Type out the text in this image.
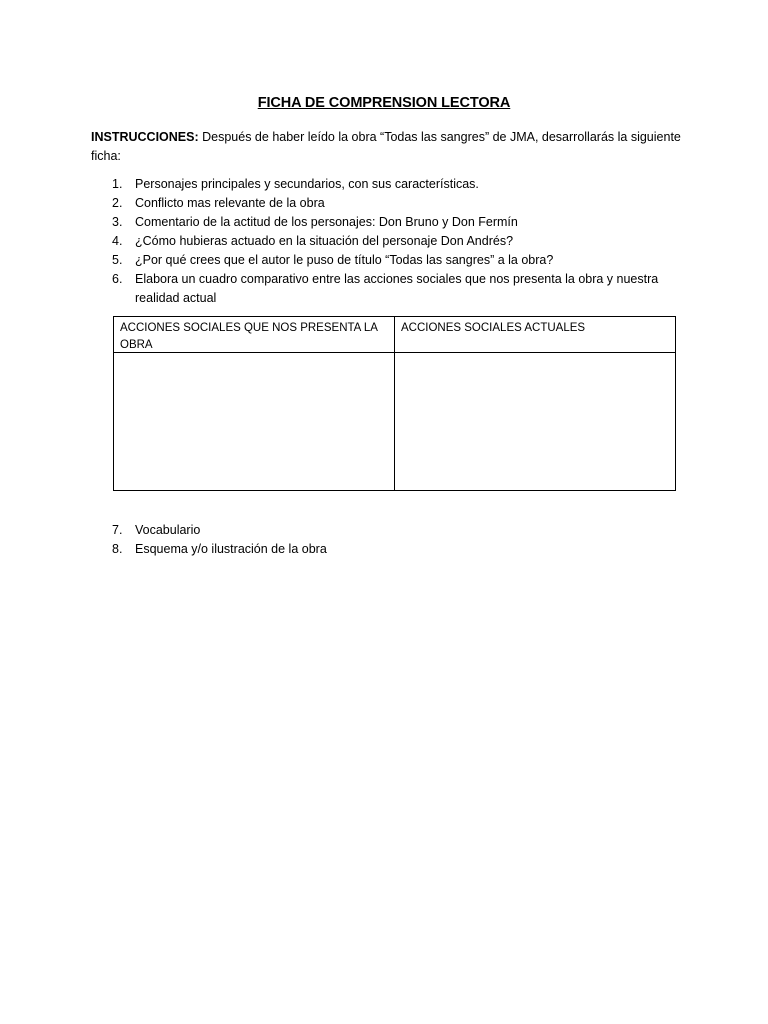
FICHA DE COMPRENSION LECTORA
INSTRUCCIONES: Después de haber leído la obra “Todas las sangres” de JMA, desarrollarás la siguiente ficha:
1. Personajes principales y secundarios, con sus características.
2. Conflicto mas relevante de la obra
3. Comentario de la actitud de los personajes: Don Bruno y Don Fermín
4. ¿Cómo hubieras actuado en la situación del personaje Don Andrés?
5. ¿Por qué crees que el autor le puso de título “Todas las sangres” a la obra?
6. Elabora un cuadro comparativo entre las acciones sociales que nos presenta la obra y nuestra realidad actual
ACCIONES SOCIALES QUE NOS PRESENTA LA OBRA
ACCIONES SOCIALES ACTUALES
7. Vocabulario
8. Esquema y/o ilustración de la obra
